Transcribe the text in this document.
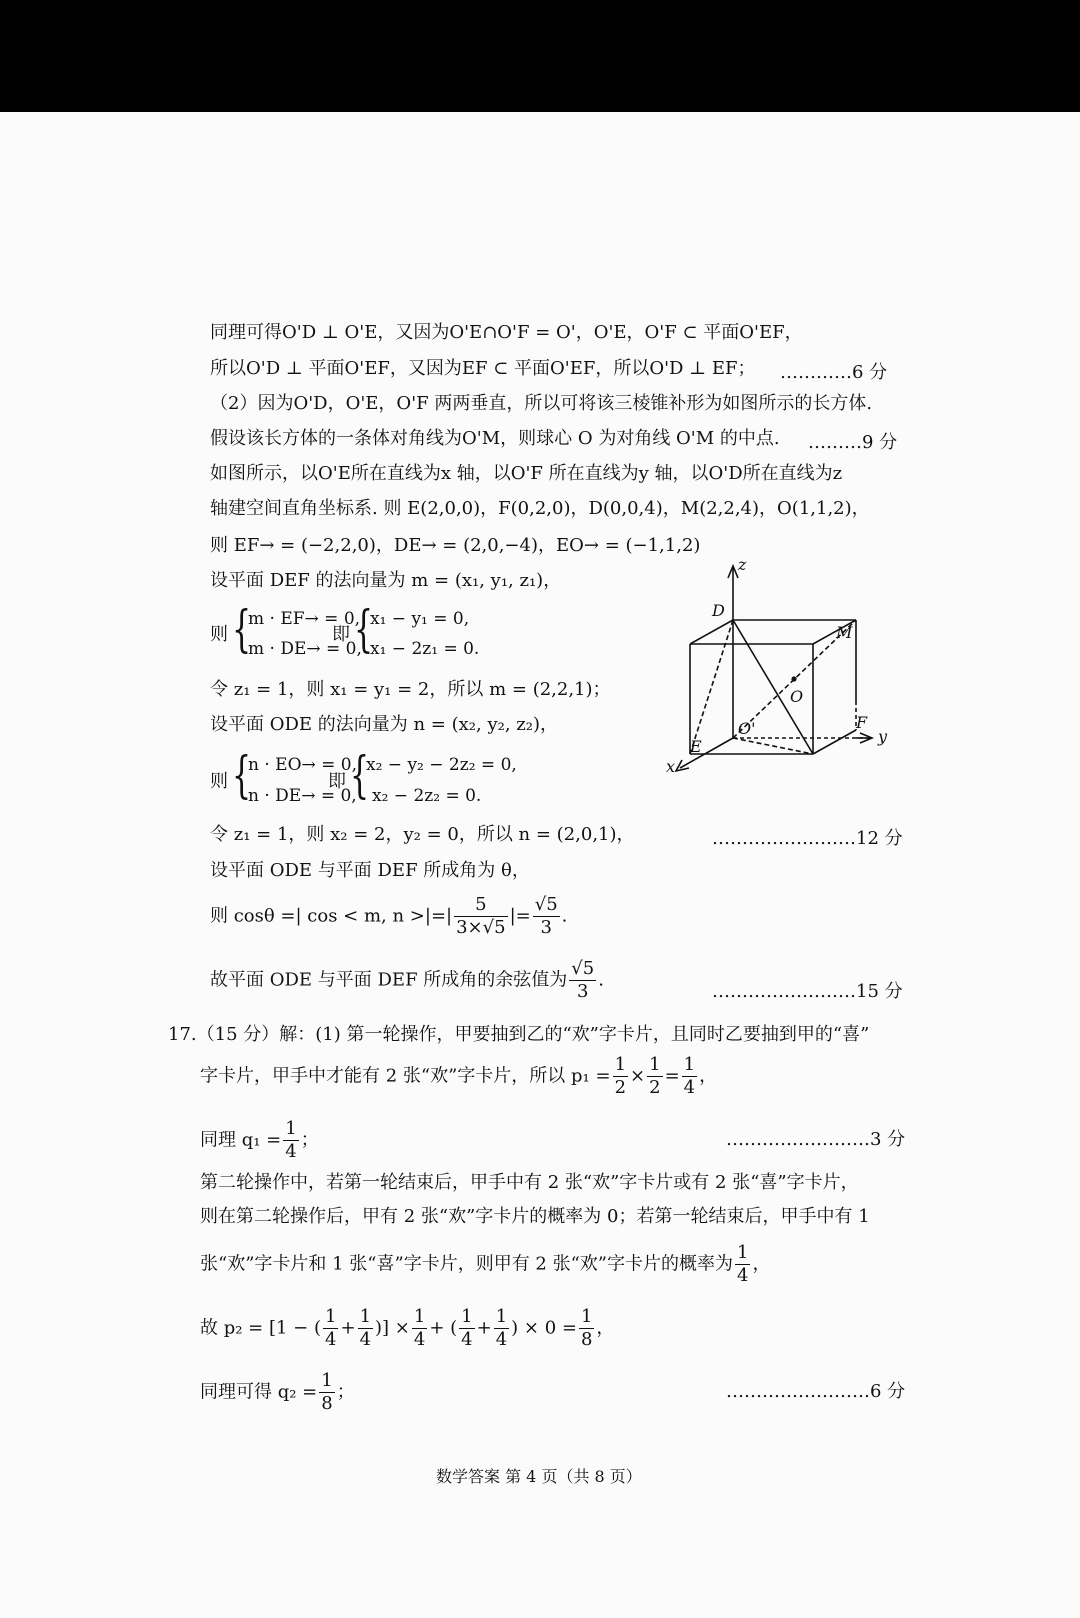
同理可得O'D ⊥ O'E，又因为O'E∩O'F = O'，O'E，O'F ⊂ 平面O'EF，
所以O'D ⊥ 平面O'EF，又因为EF ⊂ 平面O'EF，所以O'D ⊥ EF； …………6 分
（2）因为O'D，O'E，O'F 两两垂直，所以可将该三棱锥补形为如图所示的长方体.
假设该长方体的一条体对角线为O'M，则球心 O 为对角线 O'M 的中点. ………9 分
如图所示，以O'E所在直线为x 轴，以O'F 所在直线为y 轴，以O'D所在直线为z
轴建空间直角坐标系. 则 E(2,0,0)，F(0,2,0)，D(0,0,4)，M(2,2,4)，O(1,1,2)，
则 EF→ = (−2,2,0)，DE→ = (2,0,−4)，EO→ = (−1,1,2)
设平面 DEF 的法向量为 m = (x₁, y₁, z₁)，
则 {
m · EF→ = 0,
m · DE→ = 0,
即 {
x₁ − y₁ = 0,
x₁ − 2z₁ = 0.
令 z₁ = 1，则 x₁ = y₁ = 2，所以 m = (2,2,1)；
设平面 ODE 的法向量为 n = (x₂, y₂, z₂)，
则 {
n · EO→ = 0,
n · DE→ = 0,
即 {
x₂ − y₂ − 2z₂ = 0,
x₂ − 2z₂ = 0.
令 z₁ = 1，则 x₂ = 2，y₂ = 0，所以 n = (2,0,1)，	……………………12 分
设平面 ODE 与平面 DEF 所成角为 θ，
则 cosθ =| cos < m, n >|=| $\frac{5}{3\times√5}$ |= $\frac{√5}{3}$ .
故平面 ODE 与平面 DEF 所成角的余弦值为 $\frac{√5}{3}$ .
……………………15 分
17.（15 分）解：(1) 第一轮操作，甲要抽到乙的“欢”字卡片，且同时乙要抽到甲的“喜”
字卡片，甲手中才能有 2 张“欢”字卡片，所以 $p_1 = \frac{1}{2} \times \frac{1}{2} = \frac{1}{4}$ ，
同理 $q_1 = \frac{1}{4}$ ；	……………………3 分
第二轮操作中，若第一轮结束后，甲手中有 2 张“欢”字卡片或有 2 张“喜”字卡片，
则在第二轮操作后，甲有 2 张“欢”字卡片的概率为 0；若第一轮结束后，甲手中有 1
张“欢”字卡片和 1 张“喜”字卡片，则甲有 2 张“欢”字卡片的概率为 $\frac{1}{4}$ ，
故 p₂ = [1 − ( $\frac{1}{4} + \frac{1}{4}$ )] × $\frac{1}{4}$ + ( $\frac{1}{4} + \frac{1}{4}$ ) × $0 = \frac{1}{8}$ ，
同理可得 $q_2 = \frac{1}{8}$ ；	……………………6 分
数学答案 第 4 页（共 8 页）
z
D
M
O
O'	F
y
E
x
